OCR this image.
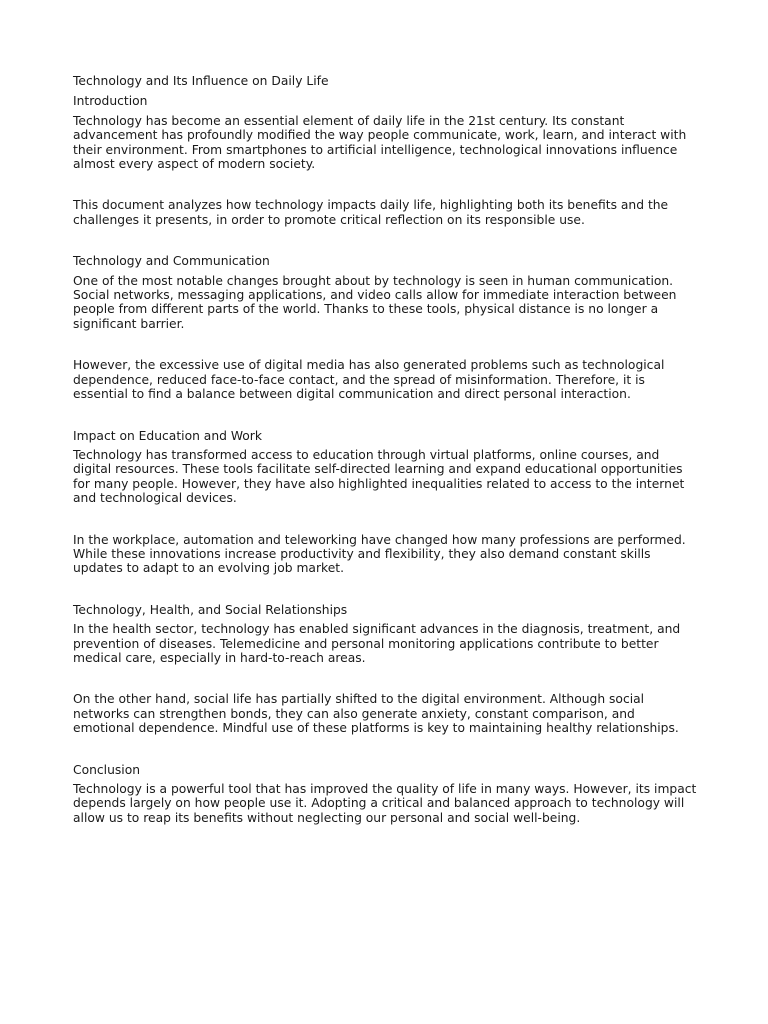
Technology and Its Influence on Daily Life
Introduction

Technology has become an essential element of daily life in the 21st century. Its constant advancement has profoundly modified the way people communicate, work, learn, and interact with their environment. From smartphones to artificial intelligence, technological innovations influence almost every aspect of modern society.

This document analyzes how technology impacts daily life, highlighting both its benefits and the challenges it presents, in order to promote critical reflection on its responsible use.

Technology and Communication

One of the most notable changes brought about by technology is seen in human communication. Social networks, messaging applications, and video calls allow for immediate interaction between people from different parts of the world. Thanks to these tools, physical distance is no longer a significant barrier.

However, the excessive use of digital media has also generated problems such as technological dependence, reduced face-to-face contact, and the spread of misinformation. Therefore, it is essential to find a balance between digital communication and direct personal interaction.

Impact on Education and Work

Technology has transformed access to education through virtual platforms, online courses, and digital resources. These tools facilitate self-directed learning and expand educational opportunities for many people. However, they have also highlighted inequalities related to access to the internet and technological devices.

In the workplace, automation and teleworking have changed how many professions are performed. While these innovations increase productivity and flexibility, they also demand constant skills updates to adapt to an evolving job market.

Technology, Health, and Social Relationships

In the health sector, technology has enabled significant advances in the diagnosis, treatment, and prevention of diseases. Telemedicine and personal monitoring applications contribute to better medical care, especially in hard-to-reach areas.

On the other hand, social life has partially shifted to the digital environment. Although social networks can strengthen bonds, they can also generate anxiety, constant comparison, and emotional dependence. Mindful use of these platforms is key to maintaining healthy relationships.

Conclusion

Technology is a powerful tool that has improved the quality of life in many ways. However, its impact depends largely on how people use it. Adopting a critical and balanced approach to technology will allow us to reap its benefits without neglecting our personal and social well-being.
